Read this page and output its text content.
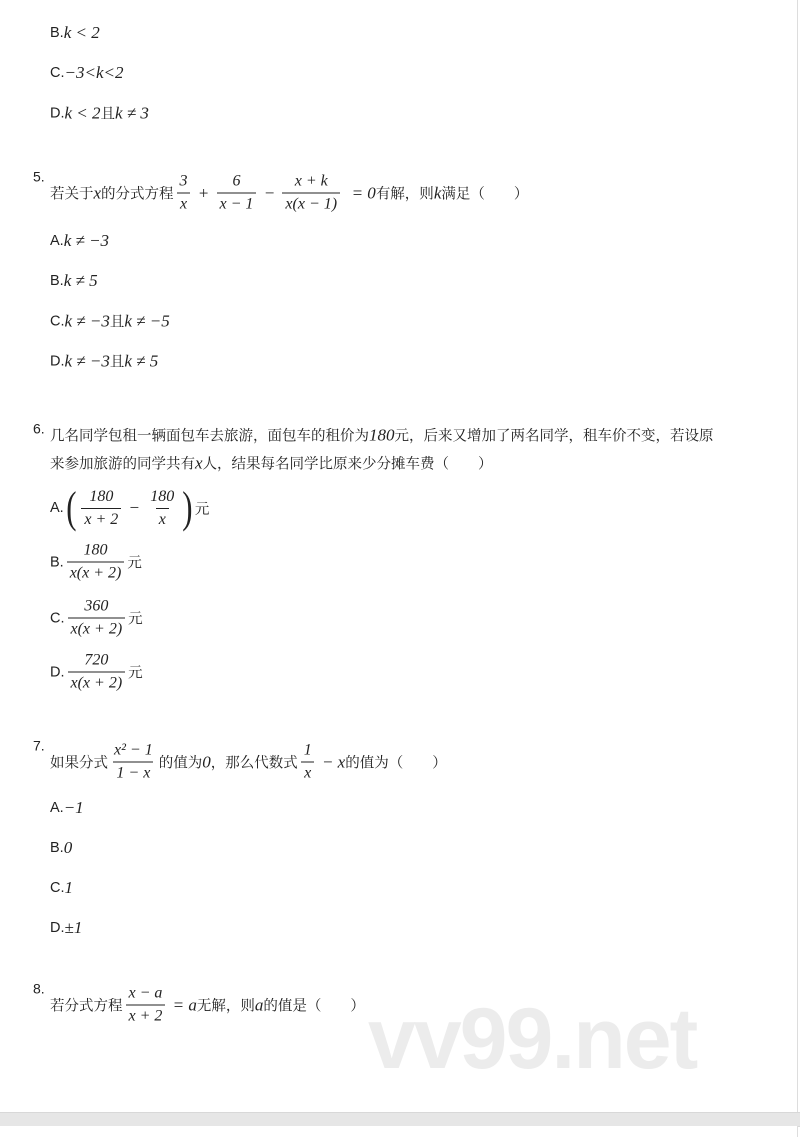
B. k < 2
C. −3<k<2
D. k < 2 且 k ≠ 3
5.
若关于 x 的分式方程 $\frac{3}{x} + \frac{6}{x - 1} - \frac{x + k}{x(x - 1)} = 0$ 有解，则 k 满足（　　）
A. k ≠ −3
B. k ≠ 5
C. k ≠ −3 且 k ≠ −5
D. k ≠ −3 且 k ≠ 5
6. 几名同学包租一辆面包车去旅游，面包车的租价为 180 元，后来又增加了两名同学，租车价不变，若设原
来参加旅游的同学共有 x 人，结果每名同学比原来少分摊车费（　　）
A. ( $\frac{180}{x + 2} - \frac{180}{x}$ ) 元
B. $\frac{180}{x(x + 2)}$ 元
C. $\frac{360}{x(x + 2)}$ 元
D. $\frac{720}{x(x + 2)}$ 元
7.
如果分式 $\frac{\text{x² − 1}}{1 - x}$ 的值为 0 ，那么代数式 $\frac{1}{x} - x$ 的值为（　　）
A. −1
B. 0
C. 1
D. ±1
8.
若分式方程 $\frac{x - a}{x + 2} = a$ 无解，则 a 的值是（　　） vv99.net
